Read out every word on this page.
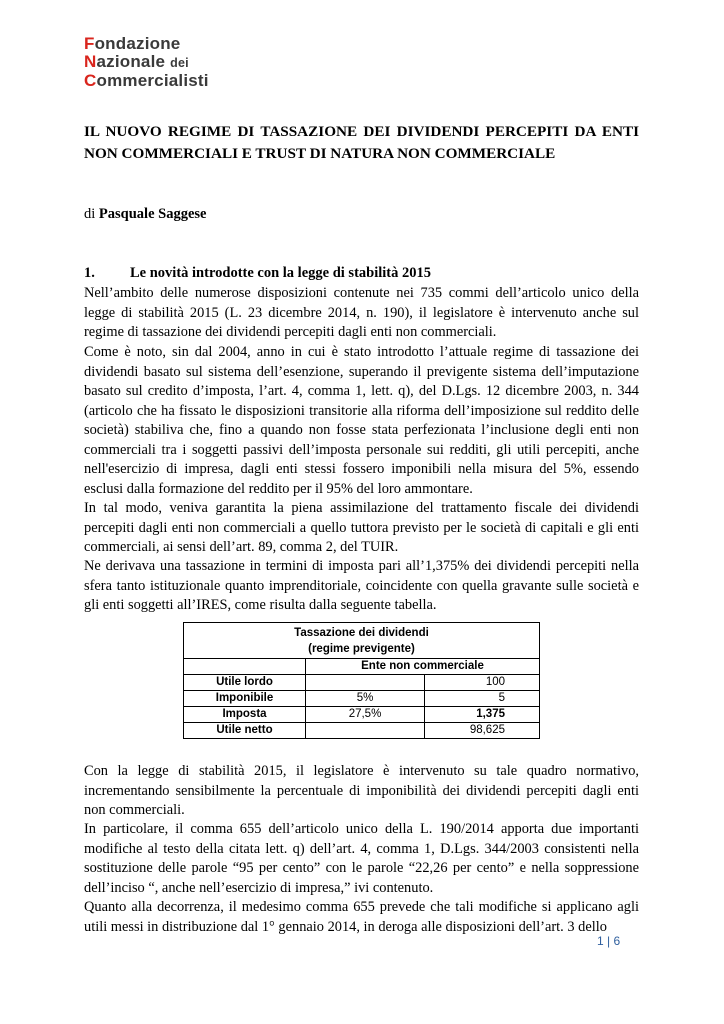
Fondazione
Nazionale dei
Commercialisti
IL NUOVO REGIME DI TASSAZIONE DEI DIVIDENDI PERCEPITI DA ENTI NON COMMERCIALI E TRUST DI NATURA NON COMMERCIALE
di Pasquale Saggese
1. Le novità introdotte con la legge di stabilità 2015

Nell’ambito delle numerose disposizioni contenute nei 735 commi dell’articolo unico della legge di stabilità 2015 (L. 23 dicembre 2014, n. 190), il legislatore è intervenuto anche sul regime di tassazione dei dividendi percepiti dagli enti non commerciali.

Come è noto, sin dal 2004, anno in cui è stato introdotto l’attuale regime di tassazione dei dividendi basato sul sistema dell’esenzione, superando il previgente sistema dell’imputazione basato sul credito d’imposta, l’art. 4, comma 1, lett. q), del D.Lgs. 12 dicembre 2003, n. 344 (articolo che ha fissato le disposizioni transitorie alla riforma dell’imposizione sul reddito delle società) stabiliva che, fino a quando non fosse stata perfezionata l’inclusione degli enti non commerciali tra i soggetti passivi dell’imposta personale sui redditi, gli utili percepiti, anche nell'esercizio di impresa, dagli enti stessi fossero imponibili nella misura del 5%, essendo esclusi dalla formazione del reddito per il 95% del loro ammontare.

In tal modo, veniva garantita la piena assimilazione del trattamento fiscale dei dividendi percepiti dagli enti non commerciali a quello tuttora previsto per le società di capitali e gli enti commerciali, ai sensi dell’art. 89, comma 2, del TUIR.

Ne derivava una tassazione in termini di imposta pari all’1,375% dei dividendi percepiti nella sfera tanto istituzionale quanto imprenditoriale, coincidente con quella gravante sulle società e gli enti soggetti all’IRES, come risulta dalla seguente tabella.

Tassazione dei dividendi
(regime previgente)		

	Ente non commerciale	
Utile lordo		100
Imponibile	5%	5
Imposta	27,5%	1,375
Utile netto		98,625

Con la legge di stabilità 2015, il legislatore è intervenuto su tale quadro normativo, incrementando sensibilmente la percentuale di imponibilità dei dividendi percepiti dagli enti non commerciali.

In particolare, il comma 655 dell’articolo unico della L. 190/2014 apporta due importanti modifiche al testo della citata lett. q) dell’art. 4, comma 1, D.Lgs. 344/2003 consistenti nella sostituzione delle parole “95 per cento” con le parole “22,26 per cento” e nella soppressione dell’inciso “, anche nell’esercizio di impresa,” ivi contenuto.

Quanto alla decorrenza, il medesimo comma 655 prevede che tali modifiche si applicano agli utili messi in distribuzione dal 1° gennaio 2014, in deroga alle disposizioni dell’art. 3 dello

1 | 6
